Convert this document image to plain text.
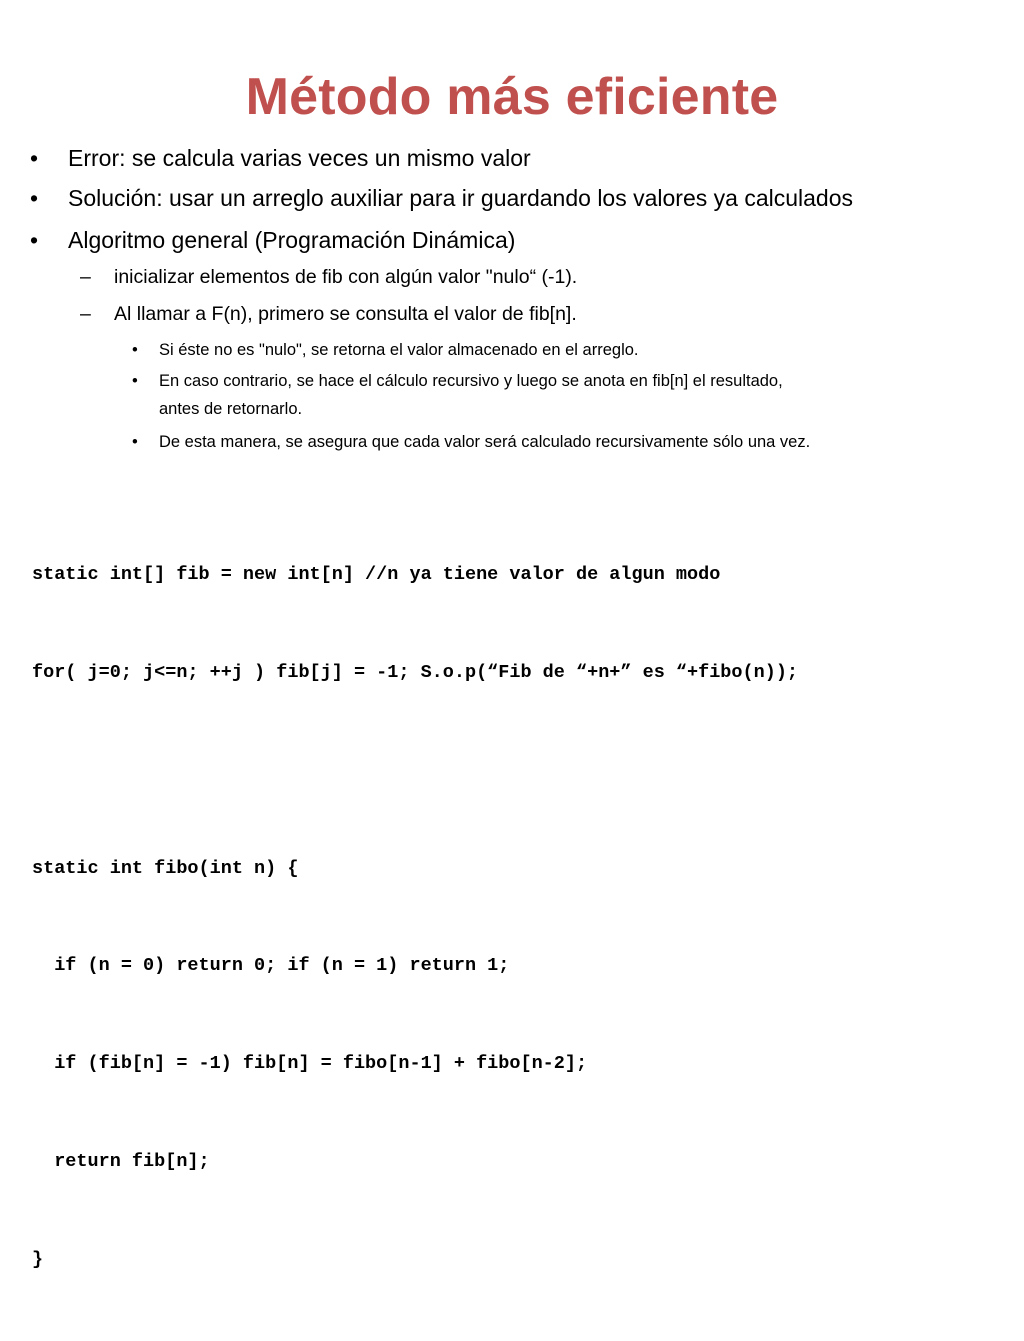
Método más eficiente
• Error: se calcula varias veces un mismo valor
• Solución: usar un arreglo auxiliar para ir guardando los valores ya calculados
• Algoritmo general (Programación Dinámica)
– inicializar elementos de fib con algún valor "nulo“ (-1).
– Al llamar a F(n), primero se consulta el valor de fib[n].
• Si éste no es "nulo", se retorna el valor almacenado en el arreglo.
• En caso contrario, se hace el cálculo recursivo y luego se anota en fib[n] el resultado,
antes de retornarlo.
• De esta manera, se asegura que cada valor será calculado recursivamente sólo una vez.

static int[] fib = new int[n] //n ya tiene valor de algun modo

for( j=0; j<=n; ++j ) fib[j] = -1; S.o.p(“Fib de “+n+” es “+fibo(n));

static int fibo(int n) {

if (n = 0) return 0; if (n = 1) return 1;

if (fib[n] = -1) fib[n] = fibo[n-1] + fibo[n-2];

return fib[n];

}
